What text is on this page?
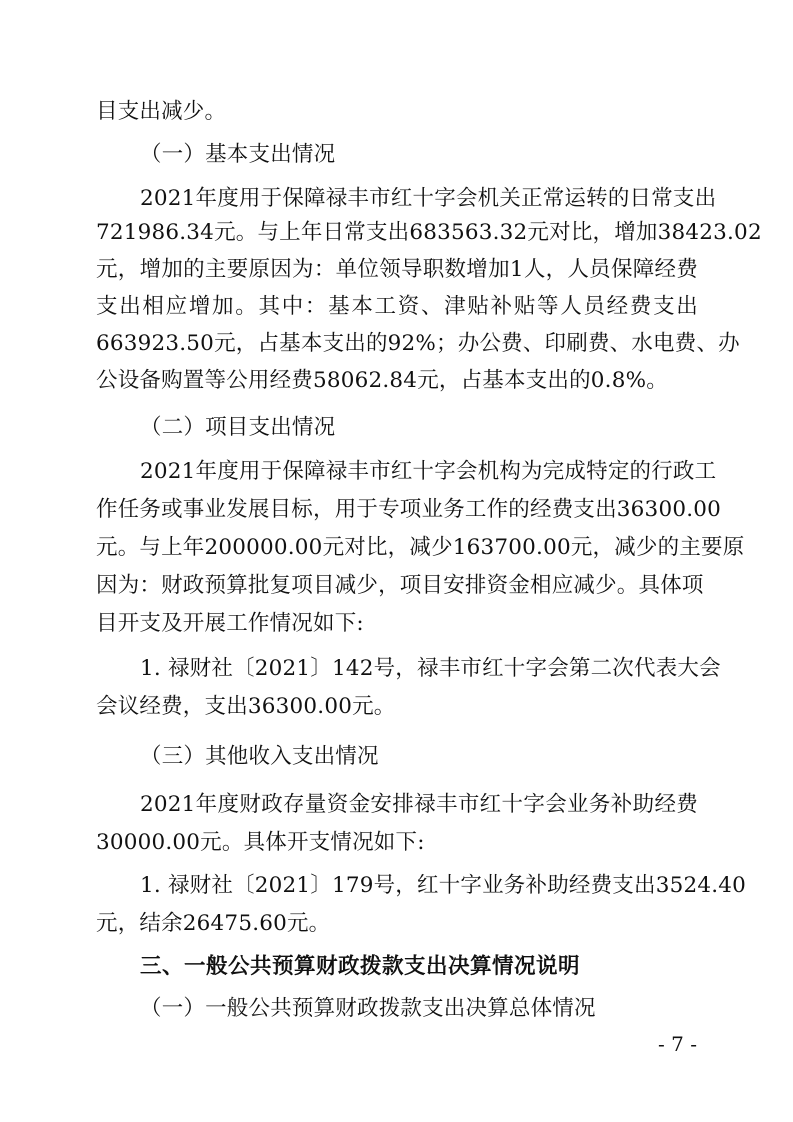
目支出减少。
（一）基本支出情况
2021年度用于保障禄丰市红十字会机关正常运转的日常支出
721986.34元。与上年日常支出683563.32元对比，增加38423.02
元，增加的主要原因为：单位领导职数增加1人，人员保障经费
支出相应增加。其中：基本工资、津贴补贴等人员经费支出
663923.50元，占基本支出的92%；办公费、印刷费、水电费、办
公设备购置等公用经费58062.84元，占基本支出的0.8%。
（二）项目支出情况
2021年度用于保障禄丰市红十字会机构为完成特定的行政工
作任务或事业发展目标，用于专项业务工作的经费支出36300.00
元。与上年200000.00元对比，减少163700.00元，减少的主要原
因为：财政预算批复项目减少，项目安排资金相应减少。具体项
目开支及开展工作情况如下:
1. 禄财社〔2021〕142号，禄丰市红十字会第二次代表大会
会议经费，支出36300.00元。
（三）其他收入支出情况
2021年度财政存量资金安排禄丰市红十字会业务补助经费
30000.00元。具体开支情况如下:
1. 禄财社〔2021〕179号，红十字业务补助经费支出3524.40
元，结余26475.60元。
三、一般公共预算财政拨款支出决算情况说明
（一）一般公共预算财政拨款支出决算总体情况
- 7 -
